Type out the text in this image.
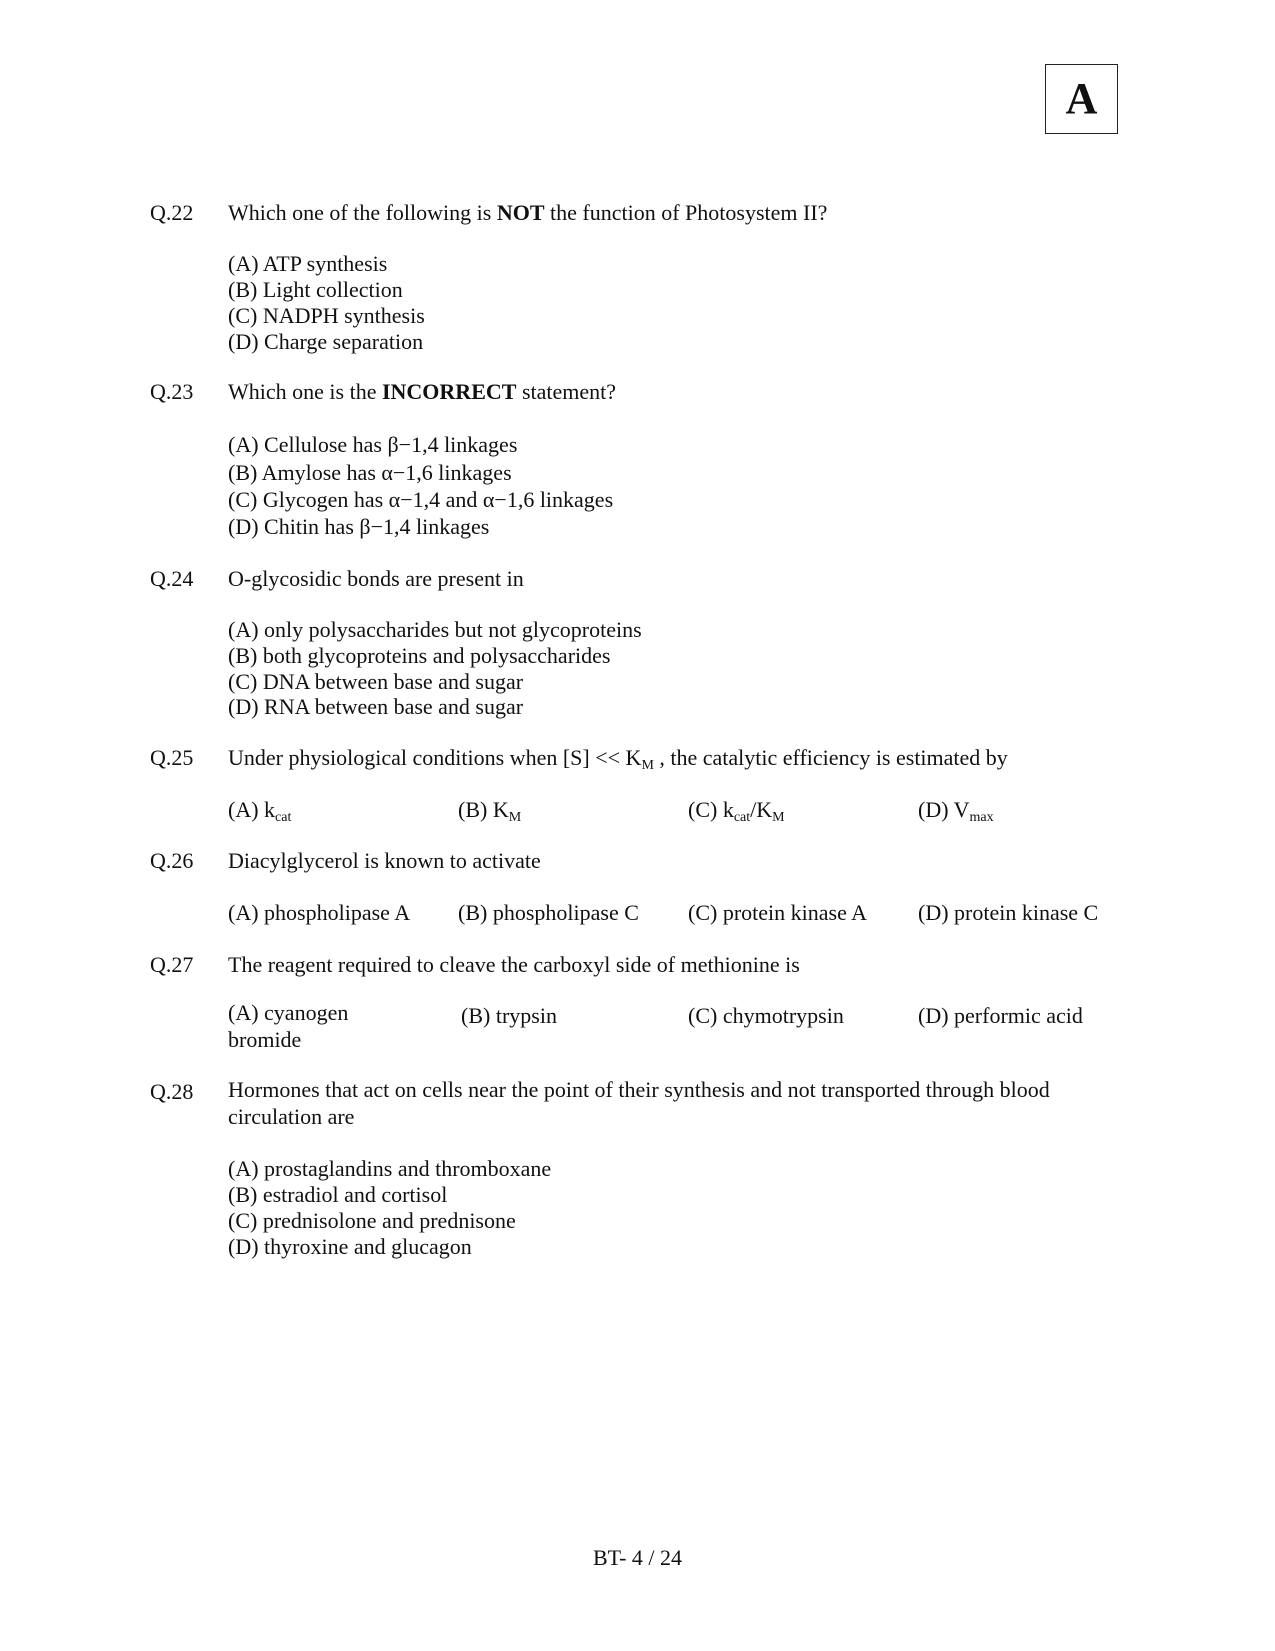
A
Q.22 Which one of the following is NOT the function of Photosystem II?
(A) ATP synthesis
(B) Light collection
(C) NADPH synthesis
(D) Charge separation
Q.23 Which one is the INCORRECT statement?
(A) Cellulose has β−1,4 linkages
(B) Amylose has α−1,6 linkages
(C) Glycogen has α−1,4 and α−1,6 linkages
(D) Chitin has β−1,4 linkages
Q.24 O-glycosidic bonds are present in
(A) only polysaccharides but not glycoproteins
(B) both glycoproteins and polysaccharides
(C) DNA between base and sugar
(D) RNA between base and sugar
Q.25 Under physiological conditions when $[S] << K_M$ , the catalytic efficiency is estimated by
(A) $k_{cat}$	(B) $K_M$	(C) $k_{cat}/K_M$	(D) $V_{max}$
Q.26 Diacylglycerol is known to activate
(A) phospholipase A (B) phospholipase C (C) protein kinase A (D) protein kinase C
Q.27 The reagent required to cleave the carboxyl side of methionine is
(A) cyanogen bromide
(B) trypsin	(C) chymotrypsin	(D) performic acid
Q.28 Hormones that act on cells near the point of their synthesis and not transported through blood circulation are
(A) prostaglandins and thromboxane
(B) estradiol and cortisol
(C) prednisolone and prednisone
(D) thyroxine and glucagon
BT- 4 / 24
